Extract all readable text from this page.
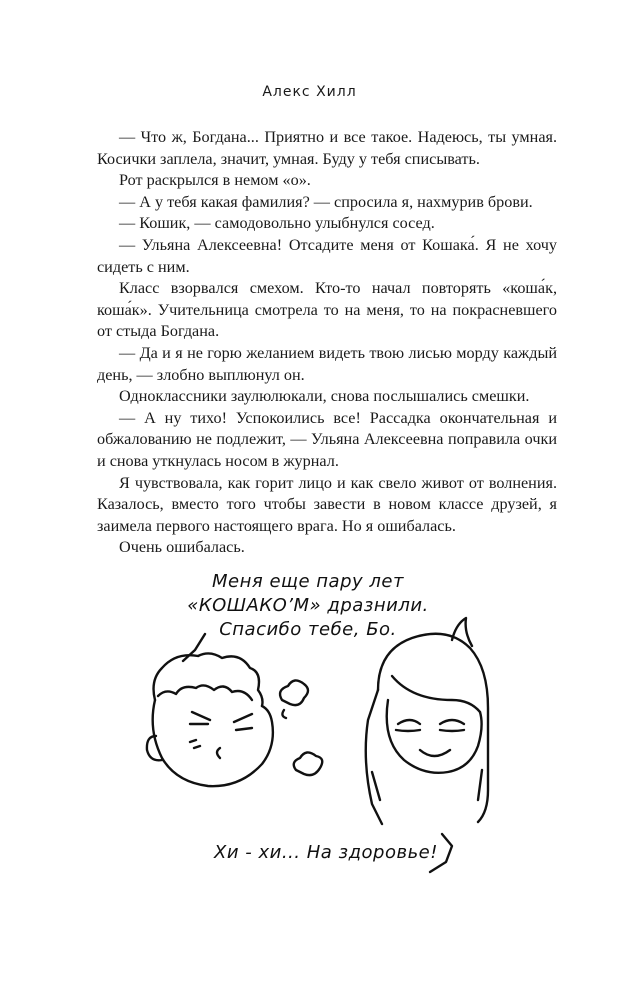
Алекс Хилл

— Что ж, Богдана... Приятно и все такое. Надеюсь, ты умная. Косички заплела, значит, умная. Буду у тебя списывать.

Рот раскрылся в немом «о».

— А у тебя какая фамилия? — спросила я, нахмурив брови.

— Кошик, — самодовольно улыбнулся сосед.

— Ульяна Алексеевна! Отсадите меня от Кошака́. Я не хочу сидеть с ним.

Класс взорвался смехом. Кто-то начал повторять «коша́к, коша́к». Учительница смотрела то на меня, то на покрасневшего от стыда Богдана.

— Да и я не горю желанием видеть твою лисью морду каждый день, — злобно выплюнул он.

Одноклассники заулюлюкали, снова послышались смешки.

— А ну тихо! Успокоились все! Рассадка окончательная и обжалованию не подлежит, — Ульяна Алексеевна поправила очки и снова уткнулась носом в журнал.

Я чувствовала, как горит лицо и как свело живот от волнения. Казалось, вместо того чтобы завести в новом классе друзей, я заимела первого настоящего врага. Но я ошибалась.

Очень ошибалась.

Меня еще пару лет
«КОШАКО’М» дразнили.
Спасибо тебе, Бо.
Хи - хи... На здоровье!
